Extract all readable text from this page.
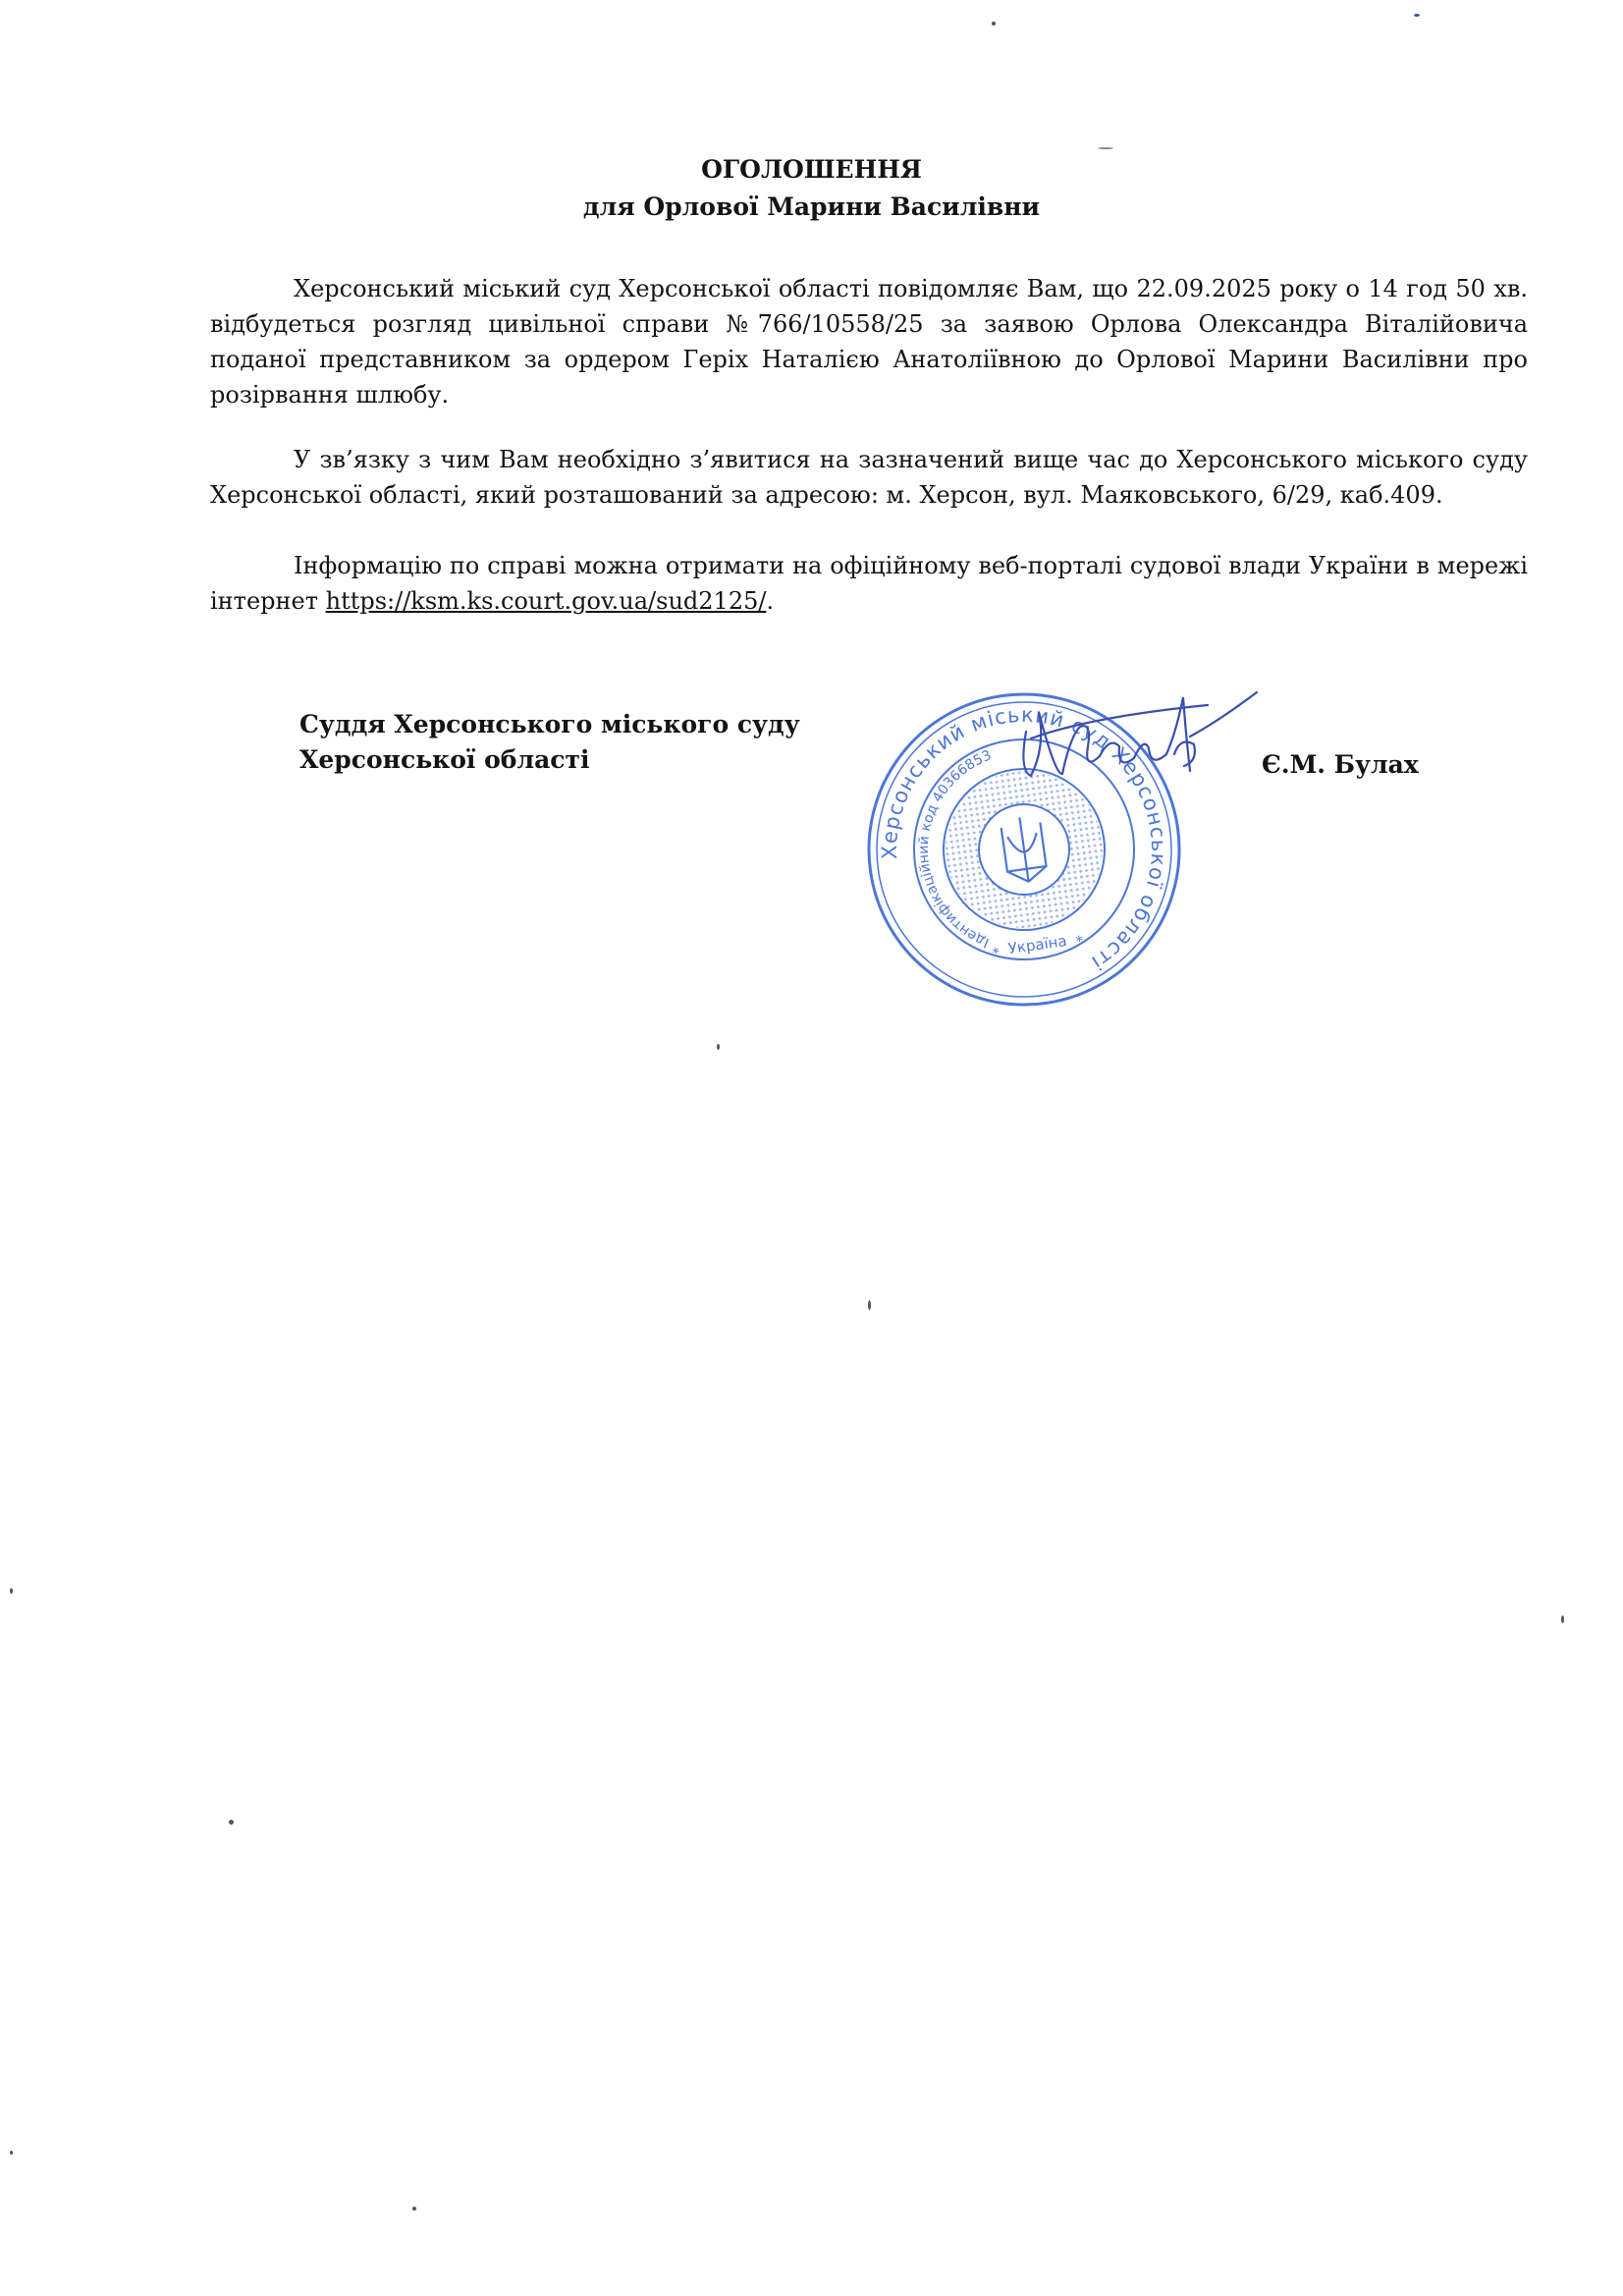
ОГОЛОШЕННЯ
для Орлової Марини Василівни

Херсонський міський суд Херсонської області повідомляє Вам, що 22.09.2025 року о 14 год 50 хв. відбудеться розгляд цивільної справи №766/10558/25 за заявою Орлова Олександра Віталійовича поданої представником за ордером Геріх Наталією Анатоліївною до Орлової Марини Василівни про розірвання шлюбу.

У зв’язку з чим Вам необхідно з’явитися на зазначений вище час до Херсонського міського суду Херсонської області, який розташований за адресою: м. Херсон, вул. Маяковського, 6/29, каб.409.

Інформацію по справі можна отримати на офіційному веб-порталі судової влади України в мережі інтернет https://ksm.ks.court.gov.ua/sud2125/.

Суддя Херсонського міського суду
Херсонської області	Є.М. Булах
Херсонський міський суд Херсонської області
Ідентифікаційний код 40366853
Україна
*
*
